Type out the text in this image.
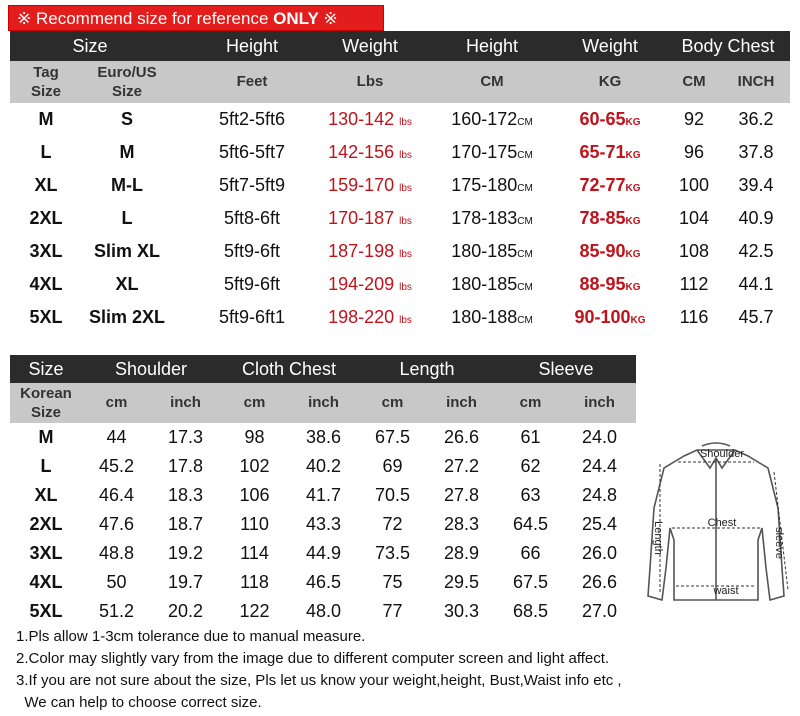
※ Recommend size for reference ONLY ※
Size	Height	Weight	Height	Weight	Body Chest
Tag
Size
Euro/US
Size
Feet	Lbs	CM	KG	CM	INCH
M	S	5ft2-5ft6	130-142 lbs	160-172CM	60-65KG	92	36.2
L	M	5ft6-5ft7	142-156 lbs	170-175CM	65-71KG	96	37.8
XL	M-L	5ft7-5ft9	159-170 lbs	175-180CM	72-77KG	100	39.4
2XL	L	5ft8-6ft	170-187 lbs	178-183CM	78-85KG	104	40.9
3XL	Slim XL	5ft9-6ft	187-198 lbs	180-185CM	85-90KG	108	42.5
4XL	XL	5ft9-6ft	194-209 lbs	180-185CM	88-95KG	112	44.1
5XL	Slim 2XL	5ft9-6ft1	198-220 lbs	180-188CM	90-100KG	116	45.7
Size	Shoulder	Cloth Chest	Length	Sleeve
Korean
Size
cm	inch	cm	inch	cm	inch	cm	inch
M	44	17.3	98	38.6	67.5	26.6	61	24.0
L	45.2	17.8	102	40.2	69	27.2	62	24.4
XL	46.4	18.3	106	41.7	70.5	27.8	63	24.8
2XL	47.6	18.7	110	43.3	72	28.3	64.5	25.4
3XL	48.8	19.2	114	44.9	73.5	28.9	66	26.0
4XL	50	19.7	118	46.5	75	29.5	67.5	26.6
5XL	51.2	20.2	122	48.0	77	30.3	68.5	27.0
Shoulder
Chest
waist
Length	sleeve
1.Pls allow 1-3cm tolerance due to manual measure.
2.Color may slightly vary from the image due to different computer screen and light affect.
3.If you are not sure about the size, Pls let us know your weight,height, Bust,Waist info etc ,
We can help to choose correct size.
